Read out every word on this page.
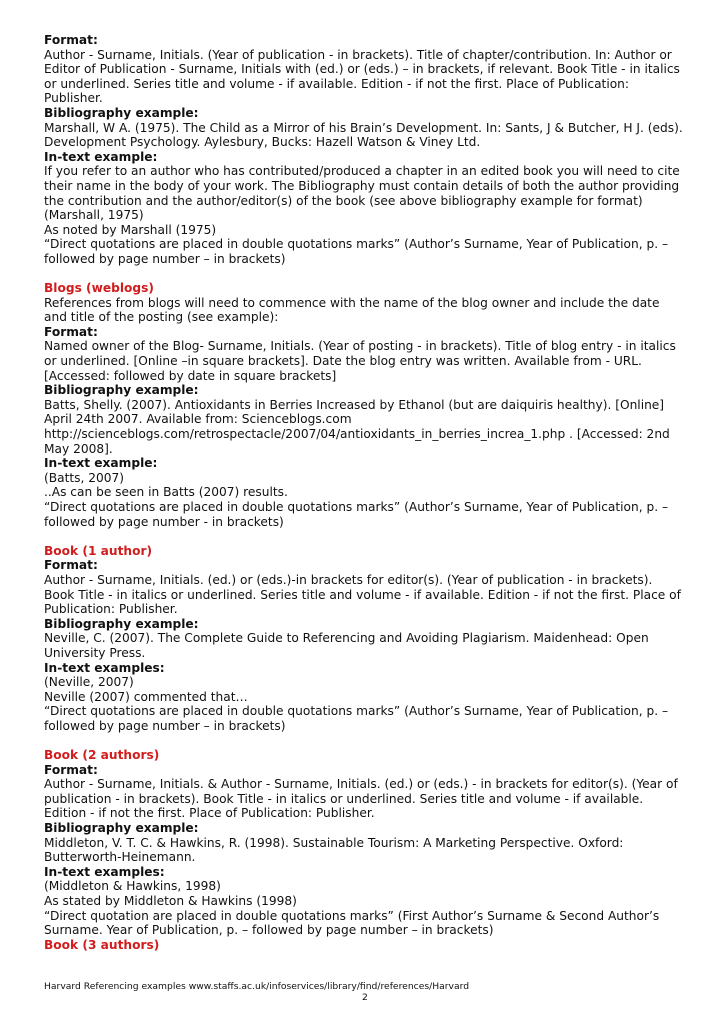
Format:

Author - Surname, Initials. (Year of publication - in brackets). Title of chapter/contribution. In: Author or Editor of Publication - Surname, Initials with (ed.) or (eds.) – in brackets, if relevant. Book Title - in italics or underlined. Series title and volume - if available. Edition - if not the first. Place of Publication: Publisher.

Bibliography example:

Marshall, W A. (1975). The Child as a Mirror of his Brain’s Development. In: Sants, J & Butcher, H J. (eds). Development Psychology. Aylesbury, Bucks: Hazell Watson & Viney Ltd.

In-text example:

If you refer to an author who has contributed/produced a chapter in an edited book you will need to cite their name in the body of your work. The Bibliography must contain details of both the author providing the contribution and the author/editor(s) of the book (see above bibliography example for format)

(Marshall, 1975)

As noted by Marshall (1975)

“Direct quotations are placed in double quotations marks” (Author’s Surname, Year of Publication, p. – followed by page number – in brackets)

Blogs (weblogs)

References from blogs will need to commence with the name of the blog owner and include the date and title of the posting (see example):

Format:

Named owner of the Blog- Surname, Initials. (Year of posting - in brackets). Title of blog entry - in italics or underlined. [Online –in square brackets]. Date the blog entry was written. Available from - URL. [Accessed: followed by date in square brackets]

Bibliography example:

Batts, Shelly. (2007). Antioxidants in Berries Increased by Ethanol (but are daiquiris healthy). [Online] April 24th 2007. Available from: Scienceblogs.com http://scienceblogs.com/retrospectacle/2007/04/antioxidants_in_berries_increa_1.php . [Accessed: 2nd May 2008].

In-text example:

(Batts, 2007)

..As can be seen in Batts (2007) results.

“Direct quotations are placed in double quotations marks” (Author’s Surname, Year of Publication, p. – followed by page number - in brackets)

Book (1 author)

Format:

Author - Surname, Initials. (ed.) or (eds.)-in brackets for editor(s). (Year of publication - in brackets). Book Title - in italics or underlined. Series title and volume - if available. Edition - if not the first. Place of Publication: Publisher.

Bibliography example:

Neville, C. (2007). The Complete Guide to Referencing and Avoiding Plagiarism. Maidenhead: Open University Press.

In-text examples:

(Neville, 2007)

Neville (2007) commented that…

“Direct quotations are placed in double quotations marks” (Author’s Surname, Year of Publication, p. – followed by page number – in brackets)

Book (2 authors)

Format:

Author - Surname, Initials. & Author - Surname, Initials. (ed.) or (eds.) - in brackets for editor(s). (Year of publication - in brackets). Book Title - in italics or underlined. Series title and volume - if available. Edition - if not the first. Place of Publication: Publisher.

Bibliography example:

Middleton, V. T. C. & Hawkins, R. (1998). Sustainable Tourism: A Marketing Perspective. Oxford: Butterworth-Heinemann.

In-text examples:

(Middleton & Hawkins, 1998)

As stated by Middleton & Hawkins (1998)

“Direct quotation are placed in double quotations marks” (First Author’s Surname & Second Author’s Surname. Year of Publication, p. – followed by page number – in brackets)

Book (3 authors)

Harvard Referencing examples www.staffs.ac.uk/infoservices/library/find/references/Harvard
2
